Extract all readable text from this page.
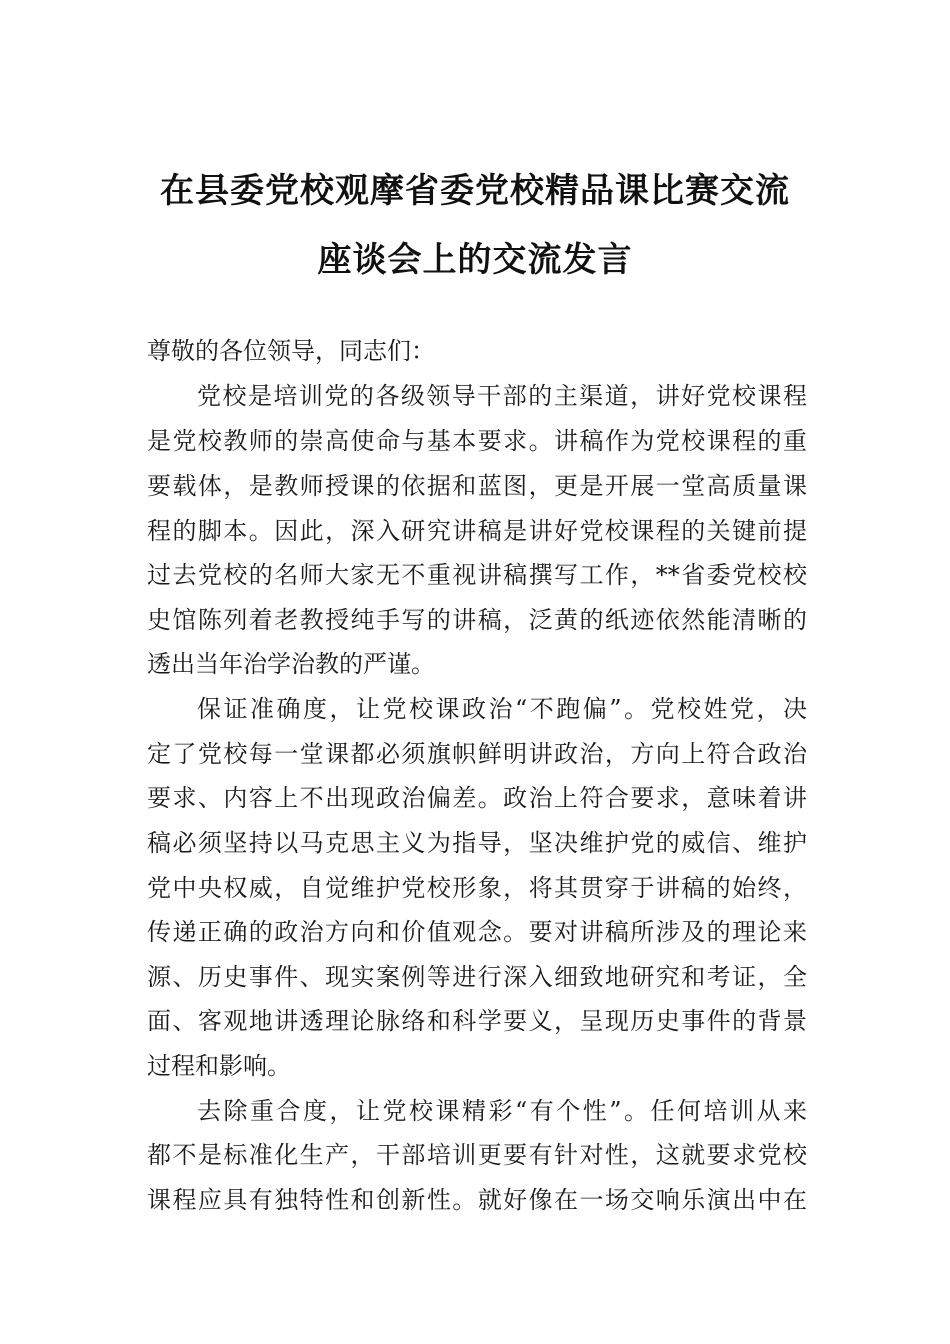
在县委党校观摩省委党校精品课比赛交流
座谈会上的交流发言
尊敬的各位领导，同志们：
党校是培训党的各级领导干部的主渠道，讲好党校课程
是党校教师的崇高使命与基本要求。讲稿作为党校课程的重
要载体，是教师授课的依据和蓝图，更是开展一堂高质量课
程的脚本。因此，深入研究讲稿是讲好党校课程的关键前提
过去党校的名师大家无不重视讲稿撰写工作，**省委党校校
史馆陈列着老教授纯手写的讲稿，泛黄的纸迹依然能清晰的
透出当年治学治教的严谨。
保证准确度，让党校课政治“不跑偏”。党校姓党，决
定了党校每一堂课都必须旗帜鲜明讲政治，方向上符合政治
要求、内容上不出现政治偏差。政治上符合要求，意味着讲
稿必须坚持以马克思主义为指导，坚决维护党的威信、维护
党中央权威，自觉维护党校形象，将其贯穿于讲稿的始终，
传递正确的政治方向和价值观念。要对讲稿所涉及的理论来
源、历史事件、现实案例等进行深入细致地研究和考证，全
面、客观地讲透理论脉络和科学要义，呈现历史事件的背景
过程和影响。
去除重合度，让党校课精彩“有个性”。任何培训从来
都不是标准化生产，干部培训更要有针对性，这就要求党校
课程应具有独特性和创新性。就好像在一场交响乐演出中在
